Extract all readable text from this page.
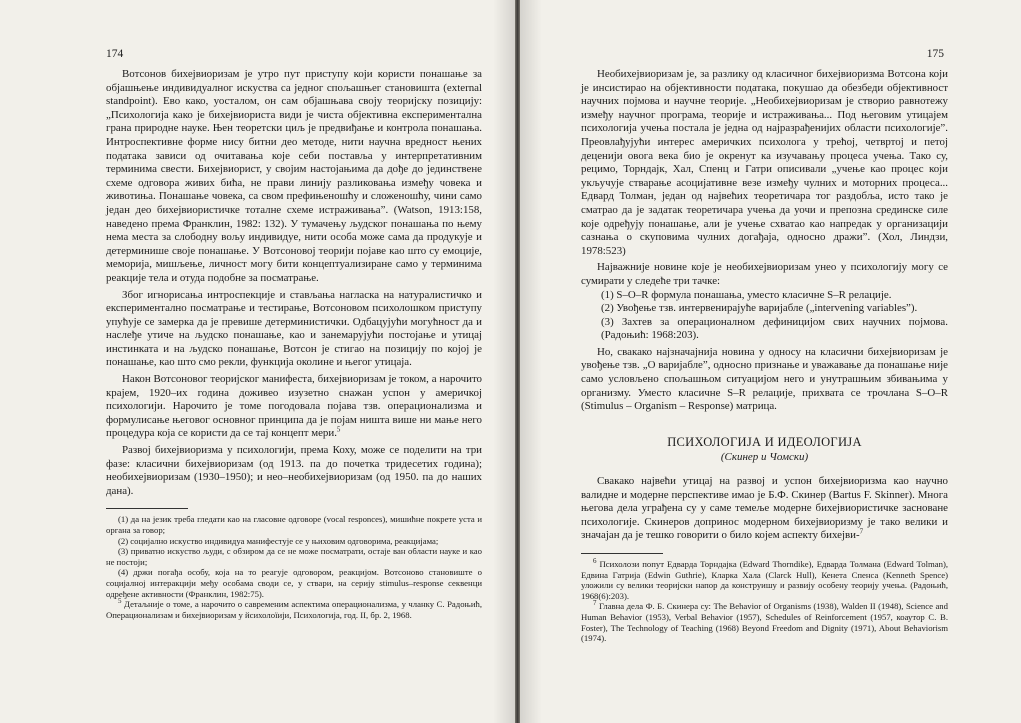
174

Вотсонов бихејвиоризам је утро пут приступу који користи понашање за објашњење индивидуалног искуства са једног спољашњег становишта (external standpoint). Ево како, уосталом, он сам објашњава своју теоријску позицију: „Психологија како је бихејвиориста види је чиста објективна експериментална грана природне науке. Њен теоретски циљ је предвиђање и контрола понашања. Интроспективне форме нису битни део методе, нити научна вредност њених података зависи од очитавања које себи поставља у интерпретативним терминима свести. Бихејвиорист, у својим настојањима да дође до јединствене схеме одговора живих бића, не прави линију разликовања између човека и животиња. Понашање човека, са свом префињеношћу и сложеношћу, чини само један део бихејвиористичке тоталне схеме истраживања”. (Watson, 1913:158, наведено према Франклин, 1982: 132). У тумачењу људског понашања по њему нема места за слободну вољу индивидуе, нити особа може сама да продукује и детерминише своје понашање. У Вотсоновој теорији појаве као што су емоције, меморија, мишљење, личност могу бити концептуализиране само у терминима реакције тела и отуда подобне за посматрање.

Због игнорисања интроспекције и стављања нагласка на натуралистичко и експериментално посматрање и тестирање, Вотсоновом психолошком приступу упућује се замерка да је превише детерминистички. Одбацујући могућност да и наслеђе утиче на људско понашање, као и занемарујући постојање и утицај инстинката и на људско понашање, Вотсон је стигао на позицију по којој је понашање, као што смо рекли, функција околине и његог утицаја.

Након Вотсоновог теоријског манифеста, бихејвиоризам је током, а нарочито крајем, 1920–их година доживео изузетно снажан успон у америчкој психологији. Нарочито је томе погодовала појава тзв. операционализма и формулисање његовог основног принципа да је појам ништа више ни мање него процедура која се користи да се тај концепт мери.$^5$

Развој бихејвиоризма у психологији, према Коху, може се поделити на три фазе: класични бихејвиоризам (од 1913. па до почетка тридесетих година); необихејвиоризам (1930–1950); и нео–необихејвиоризам (од 1950. па до наших дана).

(1) да на језик треба гледати као на гласовне одговоре (vocal responces), мишићне покрете уста и органа за говор;

(2) социјално искуство индивидуа манифестује се у њиховим одговорима, реакцијама;

(3) приватно искуство људи, с обзиром да се не може посматрати, остаје ван области науке и као не постоји;

(4) држи погађа особу, која на то реагује одговором, реакцијом. Вотсоново становиште о социјалној интеракцији међу особама своди се, у ствари, на серију stimulus–response секвенци одређене активности (Франклин, 1982:75).

$^5$ Детаљније о томе, а нарочито о савременим аспектима операционализма, у чланку С. Радоњић, Операционализам и бихејвиоризам у йсихолоїији, Психологија, год. II, бр. 2, 1968.

175

Необихејвиоризам је, за разлику од класичног бихејвиоризма Вотсона који је инсистирао на објективности података, покушао да обезбеди објективност научних појмова и научне теорије. „Необихејвиоризам је створио равнотежу између научног програма, теорије и истраживања... Под његовим утицајем психологија учења постала је једна од најразрађенијих области психологије”. Преовлађујући интерес америчких психолога у трећој, четвртој и петој деценији овога века био је окренут ка изучавању процеса учења. Тако су, рецимо, Торндајк, Хал, Спенц и Гатри описивали „учење као процес који укључује стварање асоцијативне везе између чулних и моторних процеса... Едвард Толман, један од највећих теоретичара тог раздобља, исто тако је сматрао да је задатак теоретичара учења да уочи и препозна срединске силе које одређују понашање, али је учење схватао као напредак у организацији сазнања о скуповима чулних догађаја, односно дражи”. (Хол, Линдзи, 1978:523)

Најважније новине које је необихејвиоризам унео у психологију могу се сумирати у следеће три тачке:

(1) S–O–R формула понашања, уместо класичне S–R релације.

(2) Увођење тзв. интервенирајуће варијабле („intervening variables”).

(3) Захтев за операционалном дефиницијом свих научних појмова. (Радоњић: 1968:203).

Но, свакако најзначајнија новина у односу на класични бихејвиоризам је увођење тзв. „О варијабле”, односно признање и уважавање да понашање није само условљено спољашњом ситуацијом него и унутрашњим збивањима у организму. Уместо класичне S–R релације, прихвата се трочлана S–O–R (Stimulus – Organism – Response) матрица.

ПСИХОЛОГИЈА И ИДЕОЛОГИЈА
(Скинер и Чомски)

Свакако највећи утицај на развој и успон бихејвиоризма као научно валидне и модерне перспективе имао је Б.Ф. Скинер (Bartus F. Skinner). Многа његова дела уграђена су у саме темеље модерне бихејвиористичке засноване психологије. Скинеров допринос модерном бихејвиоризму је тако велики и значајан да је тешко говорити о било којем аспекту бихејви-$^7$

$^6$ Психолози попут Едварда Торндајка (Edward Thorndike), Едварда Толмана (Edward Tolman), Едвина Гатрија (Edwin Guthrie), Кларка Хала (Clarck Hull), Кенета Спенса (Kenneth Spence) уложили су велики теоријски напор да конструишу и развију особену теорију учења. (Радоњић, 1968(6):203).

$^7$ Главна дела Ф. Б. Скинера су: The Behavior of Organisms (1938), Walden II (1948), Science and Human Behavior (1953), Verbal Behavior (1957), Schedules of Reinforcement (1957, коаутор С. В. Foster), The Technology of Teaching (1968) Beyond Freedom and Dignity (1971), About Behaviorism (1974).
